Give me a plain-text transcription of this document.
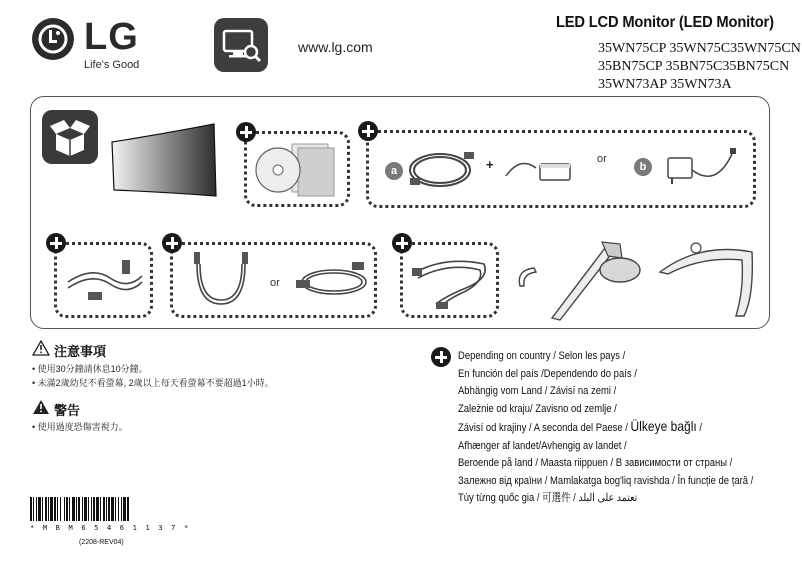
LG
Life's Good
www.lg.com
LED LCD Monitor (LED Monitor)
35WN75CP 35WN75C35WN75CN
35BN75CP 35BN75C35BN75CN
35WN73AP 35WN73A
a	+	or
b
or
注意事項
• 使用30分鐘請休息10分鐘。
• 未滿2歲幼兒不看螢幕, 2歲以上每天看螢幕不要超過1小時。
警告
• 使用過度恐傷害視力。
Depending on country / Selon les pays /
En función del país /Dependendo do país /
Abhängig vom Land / Závisí na zemi /
Zależnie od kraju/ Zavisno od zemlje /
Závisí od krajiny / A seconda del Paese / Ülkeye bağlı /
Afhænger af landet/Avhengig av landet /
Beroende på land / Maasta riippuen / В зависимости от страны /
Залежно від країни / Mamlakatga bog'liq ravishda / În funcție de țară /
Tùy từng quốc gia / 可選件 / تعتمد على البلد
* M B M 6 5 4 6 1 1 3 7 *
(2208-REV04)
